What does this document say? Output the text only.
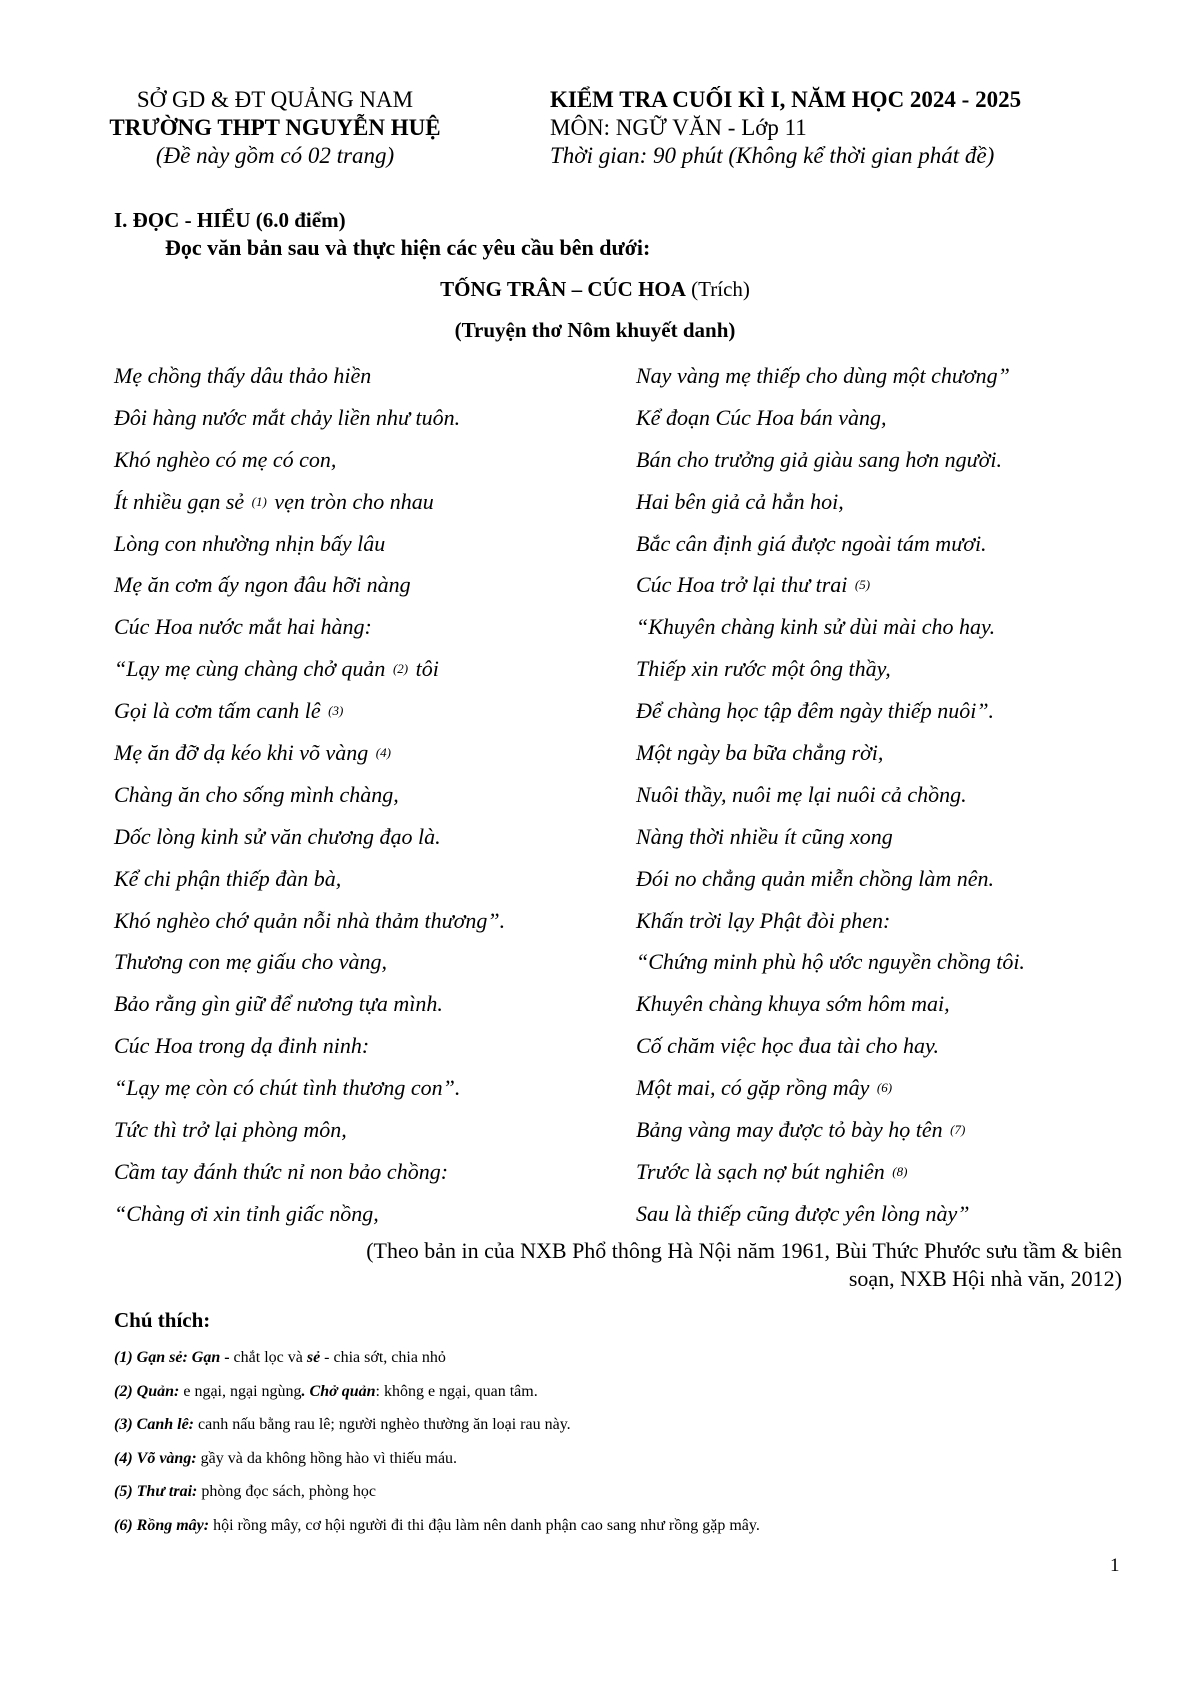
SỞ GD & ĐT QUẢNG NAM
TRƯỜNG THPT NGUYỄN HUỆ
(Đề này gồm có 02 trang)
KIỂM TRA CUỐI KÌ I, NĂM HỌC 2024 - 2025
MÔN: NGỮ VĂN - Lớp 11
Thời gian: 90 phút (Không kể thời gian phát đề)
I. ĐỌC - HIỂU (6.0 điểm)
Đọc văn bản sau và thực hiện các yêu cầu bên dưới:
TỐNG TRÂN – CÚC HOA (Trích)
(Truyện thơ Nôm khuyết danh)
Mẹ chồng thấy dâu thảo hiền
Đôi hàng nước mắt chảy liền như tuôn.
Khó nghèo có mẹ có con,
Ít nhiều gạn sẻ $^{(1)}$ vẹn tròn cho nhau
Lòng con nhường nhịn bấy lâu
Mẹ ăn cơm ấy ngon đâu hỡi nàng
Cúc Hoa nước mắt hai hàng:
“Lạy mẹ cùng chàng chở quản $^{(2)}$ tôi
Gọi là cơm tấm canh lê $^{(3)}$
Mẹ ăn đỡ dạ kéo khi võ vàng $^{(4)}$
Chàng ăn cho sống mình chàng,
Dốc lòng kinh sử văn chương đạo là.
Kể chi phận thiếp đàn bà,
Khó nghèo chớ quản nỗi nhà thảm thương”.
Thương con mẹ giấu cho vàng,
Bảo rằng gìn giữ để nương tựa mình.
Cúc Hoa trong dạ đinh ninh:
“Lạy mẹ còn có chút tình thương con”.
Tức thì trở lại phòng môn,
Cầm tay đánh thức nỉ non bảo chồng:
“Chàng ơi xin tỉnh giấc nồng,
Nay vàng mẹ thiếp cho dùng một chương”
Kể đoạn Cúc Hoa bán vàng,
Bán cho trưởng giả giàu sang hơn người.
Hai bên giả cả hẳn hoi,
Bắc cân định giá được ngoài tám mươi.
Cúc Hoa trở lại thư trai $^{(5)}$
“Khuyên chàng kinh sử dùi mài cho hay.
Thiếp xin rước một ông thầy,
Để chàng học tập đêm ngày thiếp nuôi”.
Một ngày ba bữa chẳng rời,
Nuôi thầy, nuôi mẹ lại nuôi cả chồng.
Nàng thời nhiều ít cũng xong
Đói no chẳng quản miễn chồng làm nên.
Khấn trời lạy Phật đòi phen:
“Chứng minh phù hộ ước nguyền chồng tôi.
Khuyên chàng khuya sớm hôm mai,
Cố chăm việc học đua tài cho hay.
Một mai, có gặp rồng mây $^{(6)}$
Bảng vàng may được tỏ bày họ tên $^{(7)}$
Trước là sạch nợ bút nghiên $^{(8)}$
Sau là thiếp cũng được yên lòng này”
(Theo bản in của NXB Phổ thông Hà Nội năm 1961, Bùi Thức Phước sưu tầm & biên
soạn, NXB Hội nhà văn, 2012)
Chú thích:
(1) Gạn sẻ: Gạn - chắt lọc và sẻ - chia sớt, chia nhỏ
(2) Quản: e ngại, ngại ngùng. Chở quản: không e ngại, quan tâm.
(3) Canh lê: canh nấu bằng rau lê; người nghèo thường ăn loại rau này.
(4) Võ vàng: gầy và da không hồng hào vì thiếu máu.
(5) Thư trai: phòng đọc sách, phòng học
(6) Rồng mây: hội rồng mây, cơ hội người đi thi đậu làm nên danh phận cao sang như rồng gặp mây.
1
